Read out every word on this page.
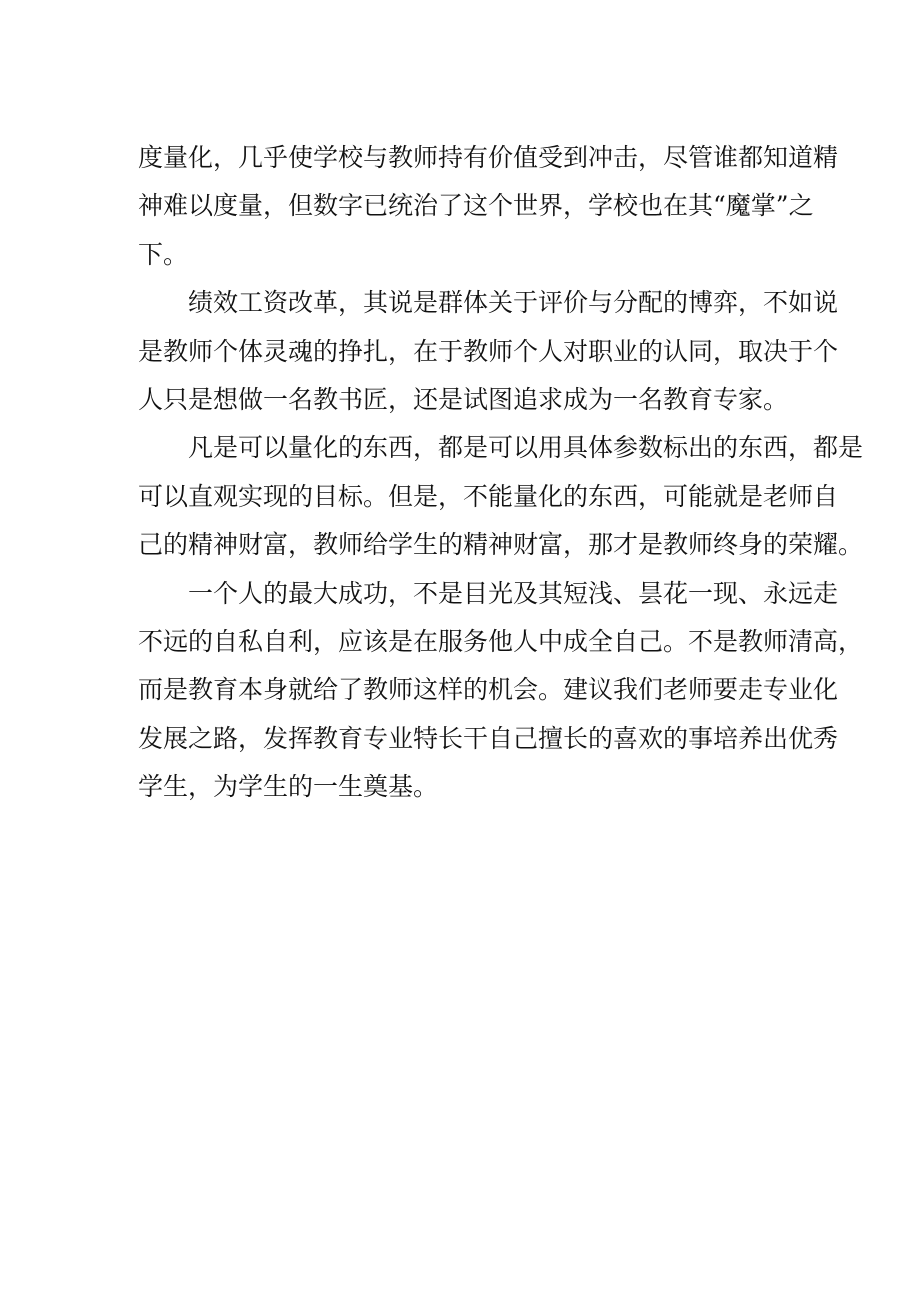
度量化，几乎使学校与教师持有价值受到冲击，尽管谁都知道精
神难以度量，但数字已统治了这个世界，学校也在其“魔掌”之
下。
绩效工资改革，其说是群体关于评价与分配的博弈，不如说
是教师个体灵魂的挣扎，在于教师个人对职业的认同，取决于个
人只是想做一名教书匠，还是试图追求成为一名教育专家。
凡是可以量化的东西，都是可以用具体参数标出的东西，都是
可以直观实现的目标。但是，不能量化的东西，可能就是老师自
己的精神财富，教师给学生的精神财富，那才是教师终身的荣耀。
一个人的最大成功，不是目光及其短浅、昙花一现、永远走
不远的自私自利，应该是在服务他人中成全自己。不是教师清高，
而是教育本身就给了教师这样的机会。建议我们老师要走专业化
发展之路，发挥教育专业特长干自己擅长的喜欢的事培养出优秀
学生，为学生的一生奠基。
